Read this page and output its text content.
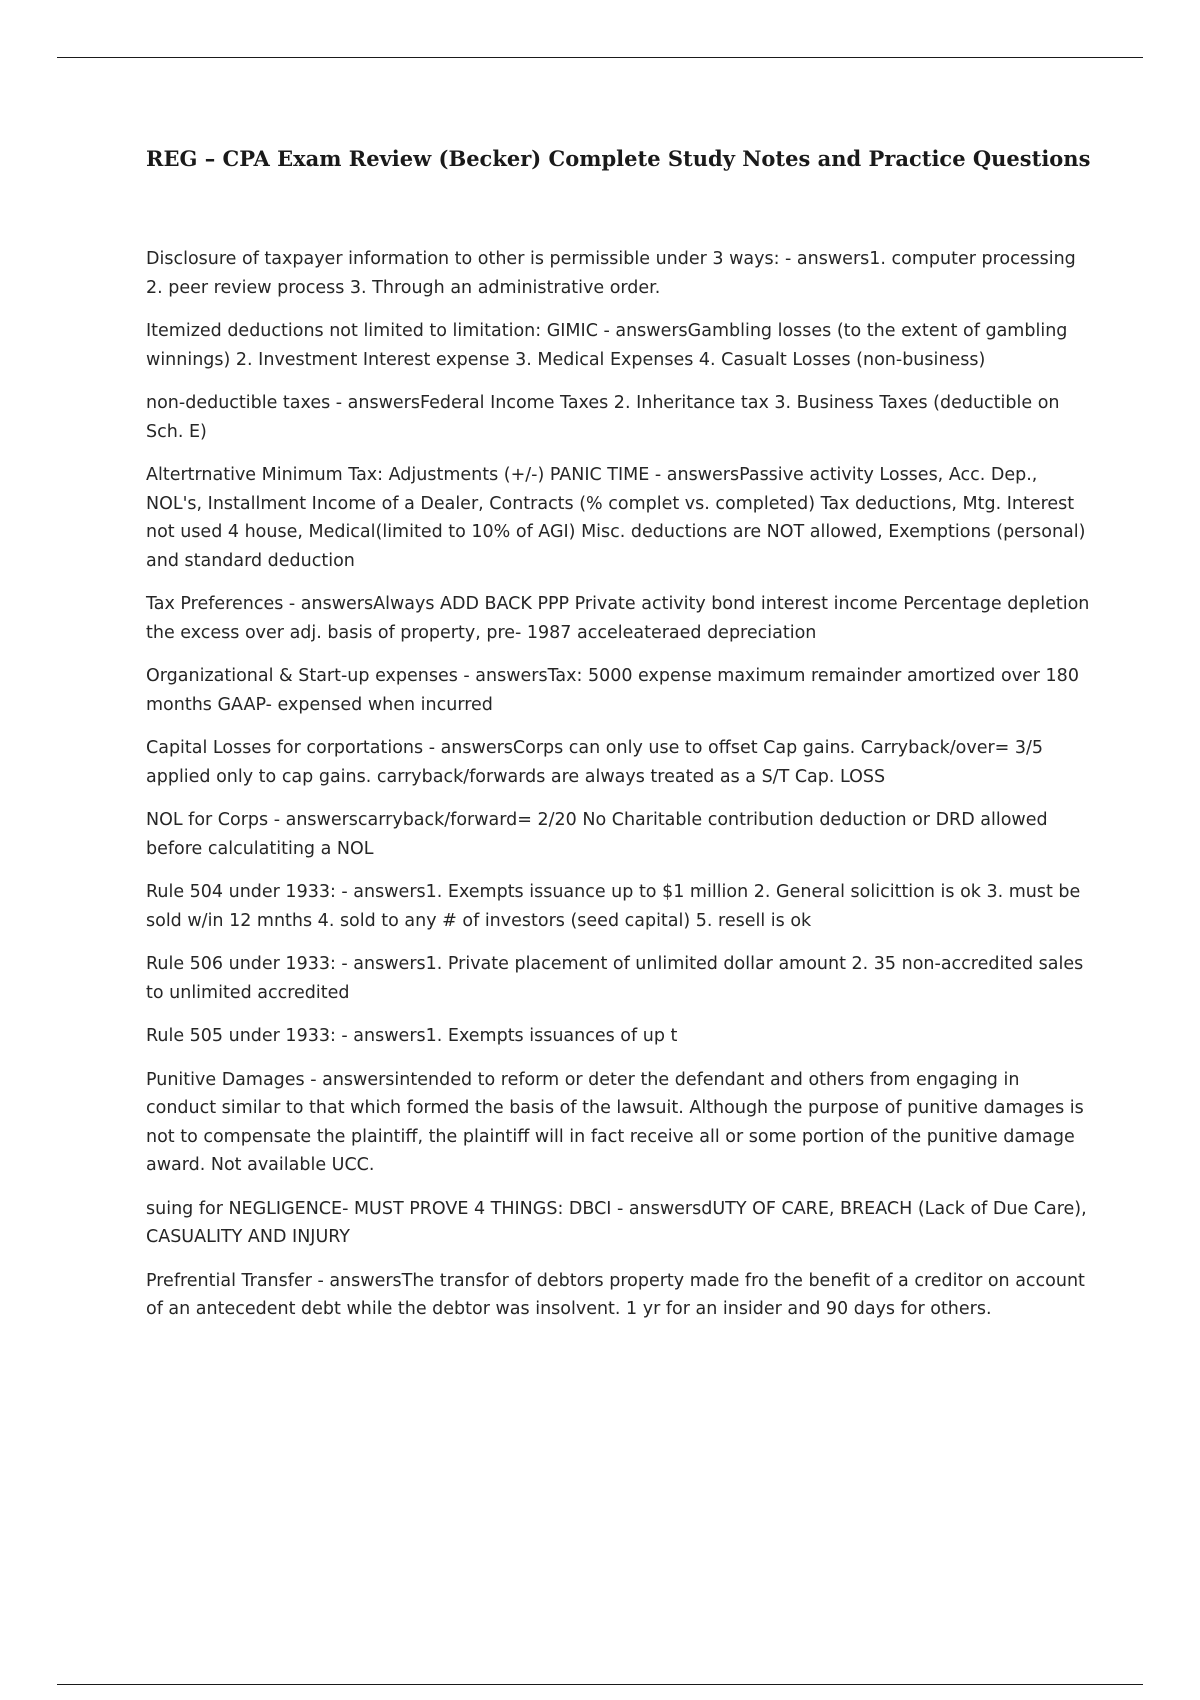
REG – CPA Exam Review (Becker) Complete Study Notes and Practice Questions
Disclosure of taxpayer information to other is permissible under 3 ways: - answers1. computer processing 2. peer review process 3. Through an administrative order.
Itemized deductions not limited to limitation: GIMIC - answersGambling losses (to the extent of gambling winnings) 2. Investment Interest expense 3. Medical Expenses 4. Casualt Losses (non-business)
non-deductible taxes - answersFederal Income Taxes 2. Inheritance tax 3. Business Taxes (deductible on Sch. E)
Altertrnative Minimum Tax: Adjustments (+/-) PANIC TIME - answersPassive activity Losses, Acc. Dep., NOL's, Installment Income of a Dealer, Contracts (% complet vs. completed) Tax deductions, Mtg. Interest not used 4 house, Medical(limited to 10% of AGI) Misc. deductions are NOT allowed, Exemptions (personal) and standard deduction
Tax Preferences - answersAlways ADD BACK PPP Private activity bond interest income Percentage depletion the excess over adj. basis of property, pre- 1987 acceleateraed depreciation
Organizational & Start-up expenses - answersTax: 5000 expense maximum remainder amortized over 180 months GAAP- expensed when incurred
Capital Losses for corportations - answersCorps can only use to offset Cap gains. Carryback/over= 3/5 applied only to cap gains. carryback/forwards are always treated as a S/T Cap. LOSS
NOL for Corps - answerscarryback/forward= 2/20 No Charitable contribution deduction or DRD allowed before calculatiting a NOL
Rule 504 under 1933: - answers1. Exempts issuance up to $1 million 2. General solicittion is ok 3. must be sold w/in 12 mnths 4. sold to any # of investors (seed capital) 5. resell is ok
Rule 506 under 1933: - answers1. Private placement of unlimited dollar amount 2. 35 non-accredited sales to unlimited accredited
Rule 505 under 1933: - answers1. Exempts issuances of up t
Punitive Damages - answersintended to reform or deter the defendant and others from engaging in conduct similar to that which formed the basis of the lawsuit. Although the purpose of punitive damages is not to compensate the plaintiff, the plaintiff will in fact receive all or some portion of the punitive damage award. Not available UCC.
suing for NEGLIGENCE- MUST PROVE 4 THINGS: DBCI - answersdUTY OF CARE, BREACH (Lack of Due Care), CASUALITY AND INJURY
Prefrential Transfer - answersThe transfor of debtors property made fro the benefit of a creditor on account of an antecedent debt while the debtor was insolvent. 1 yr for an insider and 90 days for others.
